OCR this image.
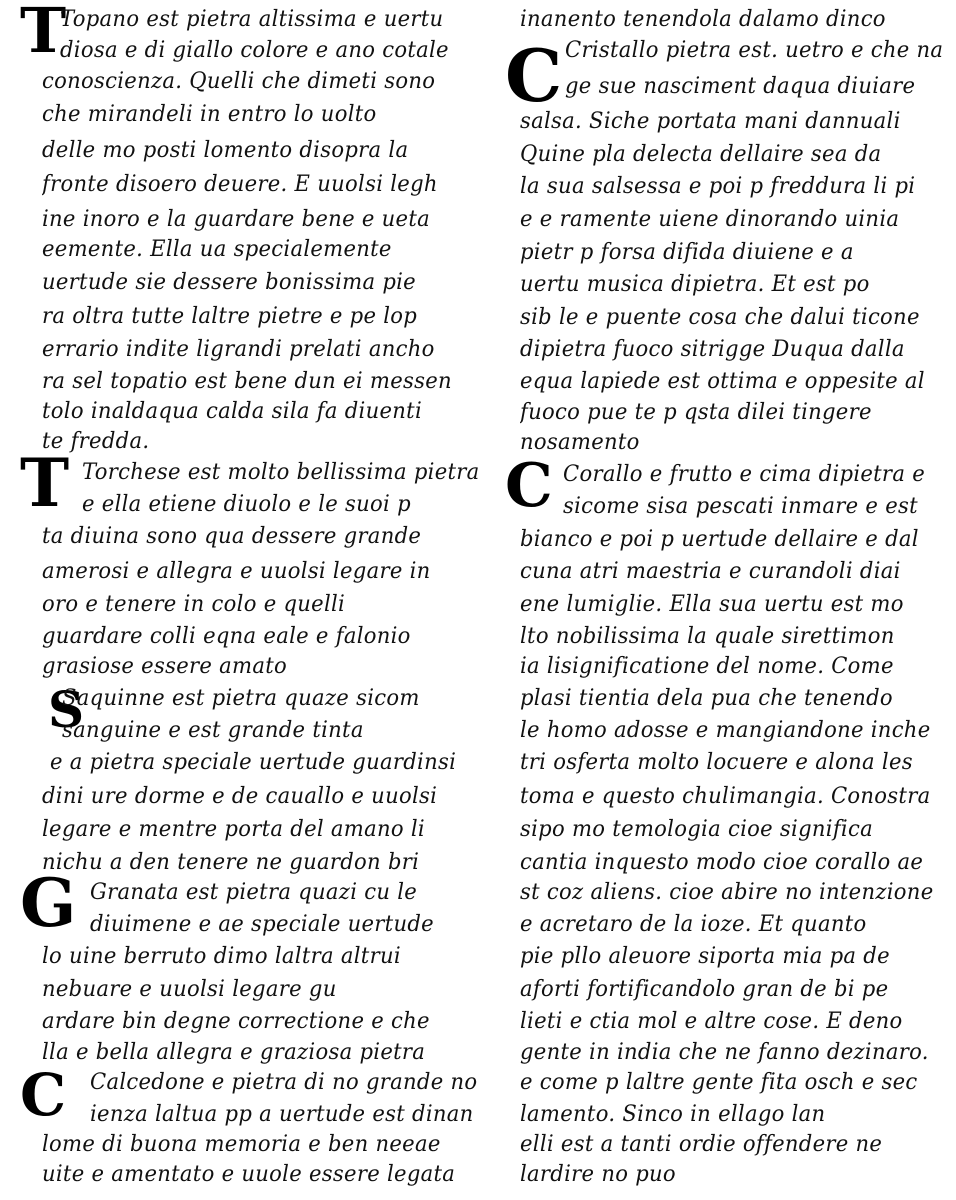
T
T
S
G
C
Topano est pietra altissima e uertu
diosa e di giallo colore e ano cotale
conoscienza. Quelli che dimeti sono
che mirandeli in entro lo uolto
delle mo posti lomento disopra la
fronte disoero deuere. E uuolsi legh
ine inoro e la guardare bene e ueta
eemente. Ella ua specialemente
uertude sie dessere bonissima pie
ra oltra tutte laltre pietre e pe lop
errario indite ligrandi prelati ancho
ra sel topatio est bene dun ei messen
tolo inaldaqua calda sila fa diuenti
te fredda.
Torchese est molto bellissima pietra
e ella etiene diuolo e le suoi p
ta diuina sono qua dessere grande
amerosi e allegra e uuolsi legare in
oro e tenere in colo e quelli
guardare colli eqna eale e falonio
grasiose essere amato
Saquinne est pietra quaze sicom
sanguine e est grande tinta
e a pietra speciale uertude guardinsi
dini ure dorme e de cauallo e uuolsi
legare e mentre porta del amano li
nichu a den tenere ne guardon bri
Granata est pietra quazi cu le
diuimene e ae speciale uertude
lo uine berruto dimo laltra altrui
nebuare e uuolsi legare gu
ardare bin degne correctione e che
lla e bella allegra e graziosa pietra
Calcedone e pietra di no grande no
ienza laltua pp a uertude est dinan
lome di buona memoria e ben neeae
uite e amentato e uuole essere legata
C
C
inanento tenendola dalamo dinco
Cristallo pietra est. uetro e che na
ge sue nasciment daqua diuiare
salsa. Siche portata mani dannuali
Quine pla delecta dellaire sea da
la sua salsessa e poi p freddura li pi
e e ramente uiene dinorando uinia
pietr p forsa difida diuiene e a
uertu musica dipietra. Et est po
sib le e puente cosa che dalui ticone
dipietra fuoco sitrigge Duqua dalla
equa lapiede est ottima e oppesite al
fuoco pue te p qsta dilei tingere
nosamento
Corallo e frutto e cima dipietra e
sicome sisa pescati inmare e est
bianco e poi p uertude dellaire e dal
cuna atri maestria e curandoli diai
ene lumiglie. Ella sua uertu est mo
lto nobilissima la quale sirettimon
ia lisignificatione del nome. Come
plasi tientia dela pua che tenendo
le homo adosse e mangiandone inche
tri osferta molto locuere e alona les
toma e questo chulimangia. Conostra
sipo mo temologia cioe significa
cantia inquesto modo cioe corallo ae
st coz aliens. cioe abire no intenzione
e acretaro de la ioze. Et quanto
pie pllo aleuore siporta mia pa de
aforti fortificandolo gran de bi pe
lieti e ctia mol e altre cose. E deno
gente in india che ne fanno dezinaro.
e come p laltre gente fita osch e sec
lamento. Sinco in ellago lan
elli est a tanti ordie offendere ne
lardire no puo
